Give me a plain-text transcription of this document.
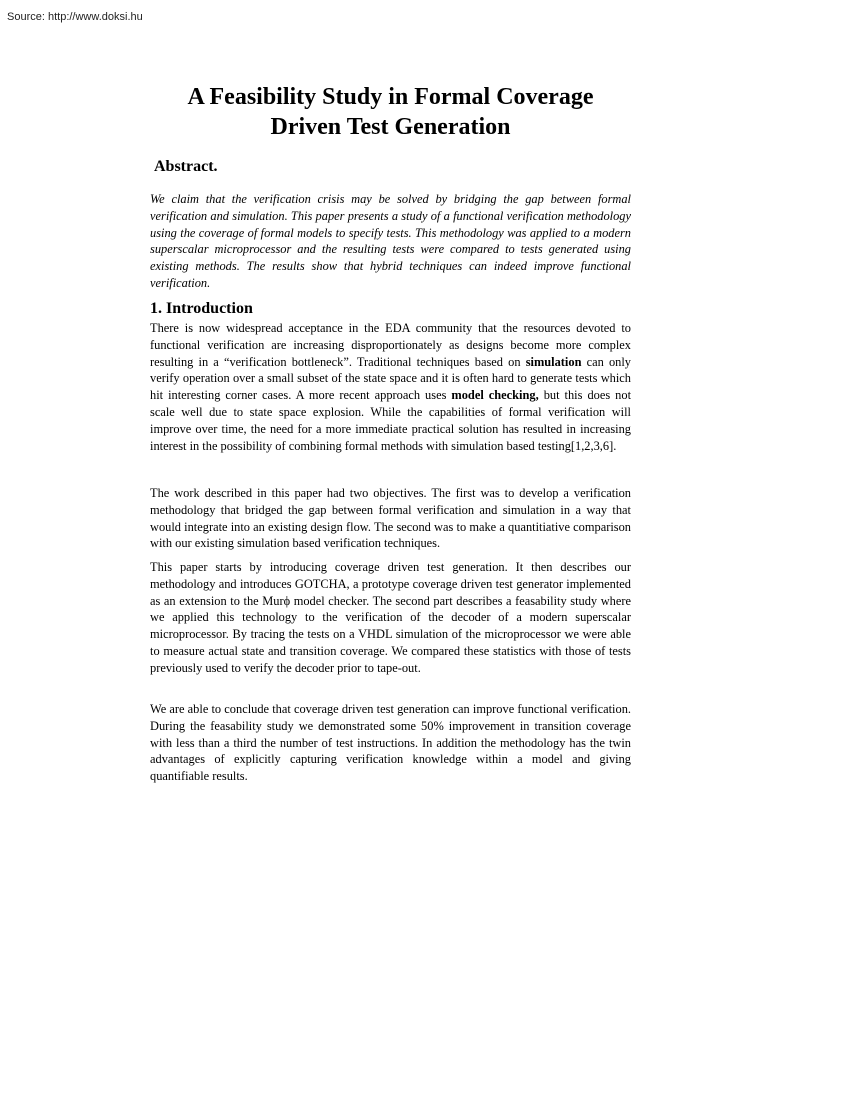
Source: http://www.doksi.hu
A Feasibility Study in Formal Coverage
Driven Test Generation
Abstract.

We claim that the verification crisis may be solved by bridging the gap between formal verification and simulation. This paper presents a study of a functional verification methodology using the coverage of formal models to specify tests. This methodology was applied to a modern superscalar microprocessor and the resulting tests were compared to tests generated using existing methods. The results show that hybrid techniques can indeed improve functional verification.

1. Introduction

There is now widespread acceptance in the EDA community that the resources devoted to functional verification are increasing disproportionately as designs become more complex resulting in a “verification bottleneck”. Traditional techniques based on simulation can only verify operation over a small subset of the state space and it is often hard to generate tests which hit interesting corner cases. A more recent approach uses model checking, but this does not scale well due to state space explosion. While the capabilities of formal verification will improve over time, the need for a more immediate practical solution has resulted in increasing interest in the possibility of combining formal methods with simulation based testing[1,2,3,6].

The work described in this paper had two objectives. The first was to develop a verification methodology that bridged the gap between formal verification and simulation in a way that would integrate into an existing design flow. The second was to make a quantitiative comparison with our existing simulation based verification techniques.

This paper starts by introducing coverage driven test generation. It then describes our methodology and introduces GOTCHA, a prototype coverage driven test generator implemented as an extension to the Murϕ model checker. The second part describes a feasability study where we applied this technology to the verification of the decoder of a modern superscalar microprocessor. By tracing the tests on a VHDL simulation of the microprocessor we were able to measure actual state and transition coverage. We compared these statistics with those of tests previously used to verify the decoder prior to tape-out.

We are able to conclude that coverage driven test generation can improve functional verification. During the feasability study we demonstrated some 50% improvement in transition coverage with less than a third the number of test instructions. In addition the methodology has the twin advantages of explicitly capturing verification knowledge within a model and giving quantifiable results.
